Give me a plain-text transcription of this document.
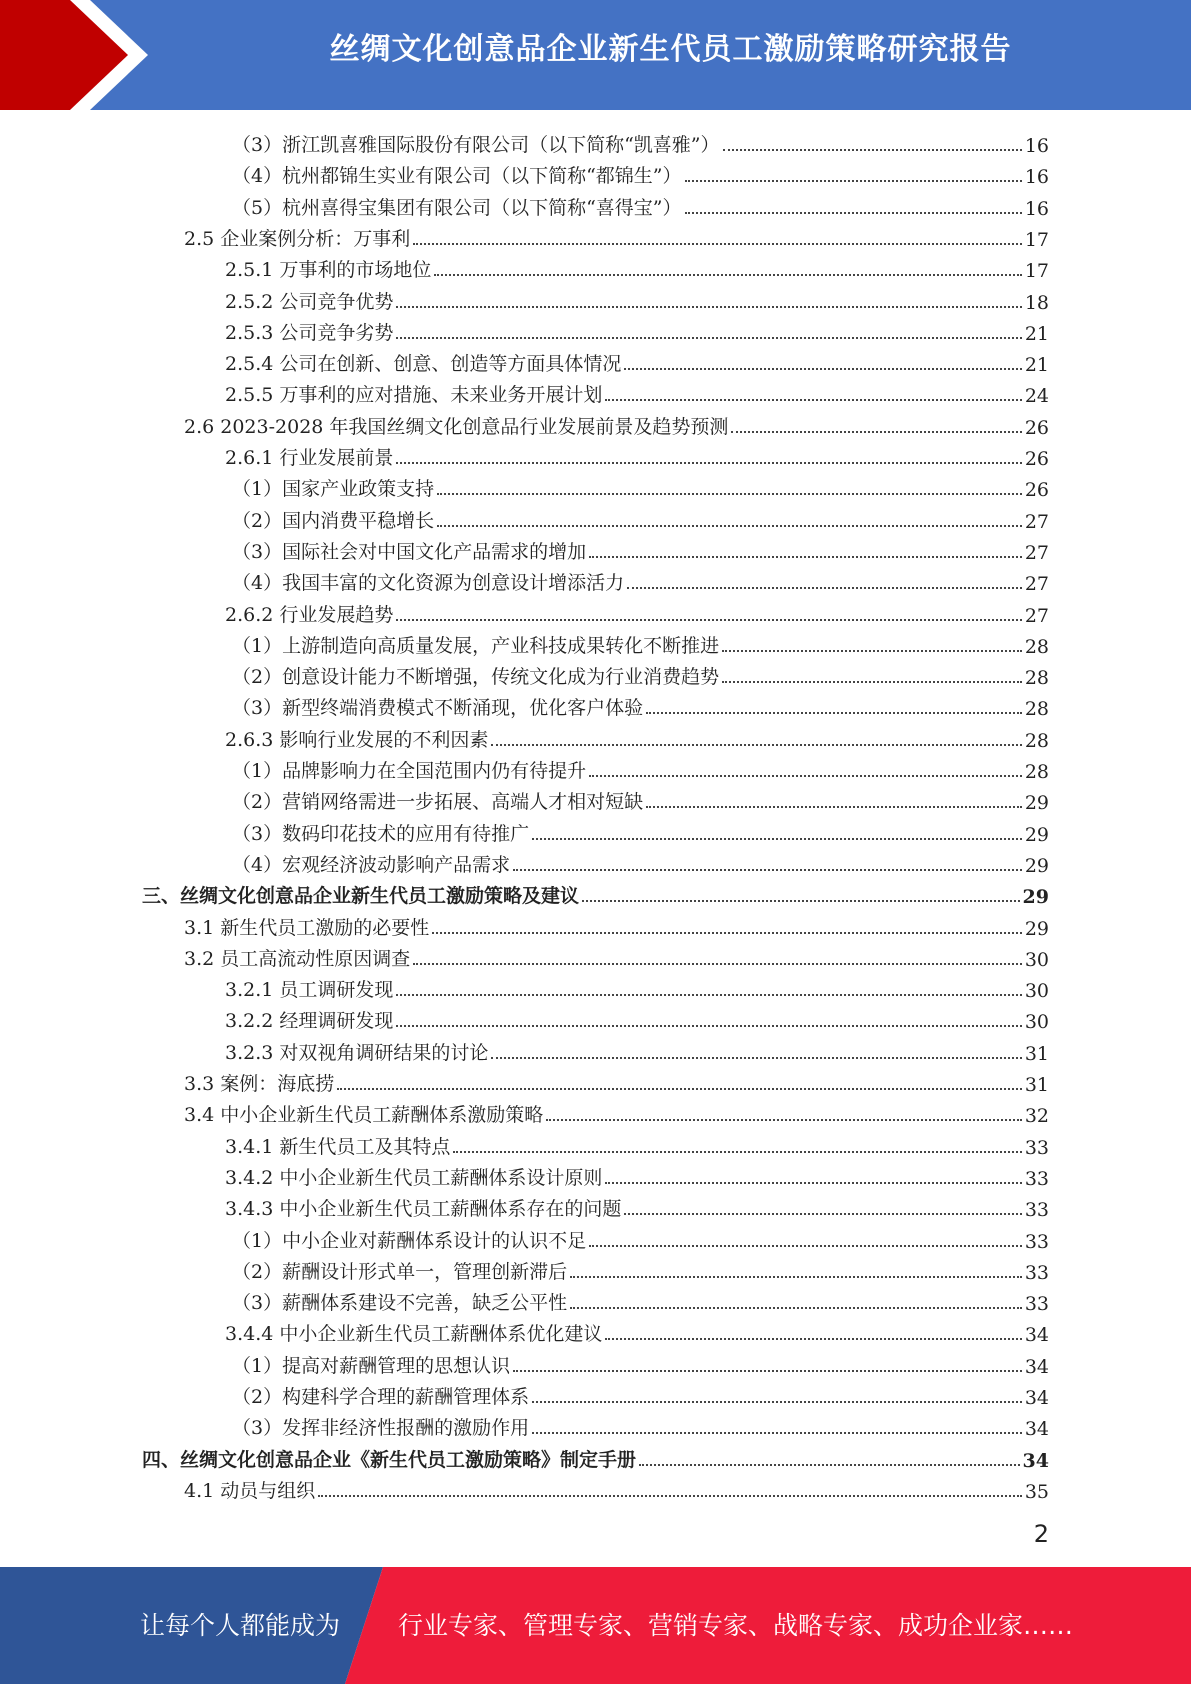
丝绸文化创意品企业新生代员工激励策略研究报告
（3）浙江凯喜雅国际股份有限公司（以下简称“凯喜雅”）	16
（4）杭州都锦生实业有限公司（以下简称“都锦生”）	16
（5）杭州喜得宝集团有限公司（以下简称“喜得宝”）	16
2.5 企业案例分析：万事利	17
2.5.1 万事利的市场地位	17
2.5.2 公司竞争优势	18
2.5.3 公司竞争劣势	21
2.5.4 公司在创新、创意、创造等方面具体情况	21
2.5.5 万事利的应对措施、未来业务开展计划	24
2.6 2023-2028 年我国丝绸文化创意品行业发展前景及趋势预测	26
2.6.1 行业发展前景	26
（1）国家产业政策支持	26
（2）国内消费平稳增长	27
（3）国际社会对中国文化产品需求的增加	27
（4）我国丰富的文化资源为创意设计增添活力	27
2.6.2 行业发展趋势	27
（1）上游制造向高质量发展，产业科技成果转化不断推进	28
（2）创意设计能力不断增强，传统文化成为行业消费趋势	28
（3）新型终端消费模式不断涌现，优化客户体验	28
2.6.3 影响行业发展的不利因素	28
（1）品牌影响力在全国范围内仍有待提升	28
（2）营销网络需进一步拓展、高端人才相对短缺	29
（3）数码印花技术的应用有待推广	29
（4）宏观经济波动影响产品需求	29
三、丝绸文化创意品企业新生代员工激励策略及建议	29
3.1 新生代员工激励的必要性	29
3.2 员工高流动性原因调查	30
3.2.1 员工调研发现	30
3.2.2 经理调研发现	30
3.2.3 对双视角调研结果的讨论	31
3.3 案例：海底捞	31
3.4 中小企业新生代员工薪酬体系激励策略	32
3.4.1 新生代员工及其特点	33
3.4.2 中小企业新生代员工薪酬体系设计原则	33
3.4.3 中小企业新生代员工薪酬体系存在的问题	33
（1）中小企业对薪酬体系设计的认识不足	33
（2）薪酬设计形式单一，管理创新滞后	33
（3）薪酬体系建设不完善，缺乏公平性	33
3.4.4 中小企业新生代员工薪酬体系优化建议	34
（1）提高对薪酬管理的思想认识	34
（2）构建科学合理的薪酬管理体系	34
（3）发挥非经济性报酬的激励作用	34
四、丝绸文化创意品企业《新生代员工激励策略》制定手册	34
4.1 动员与组织	35
2
让每个人都能成为 行业专家、管理专家、营销专家、战略专家、成功企业家……
